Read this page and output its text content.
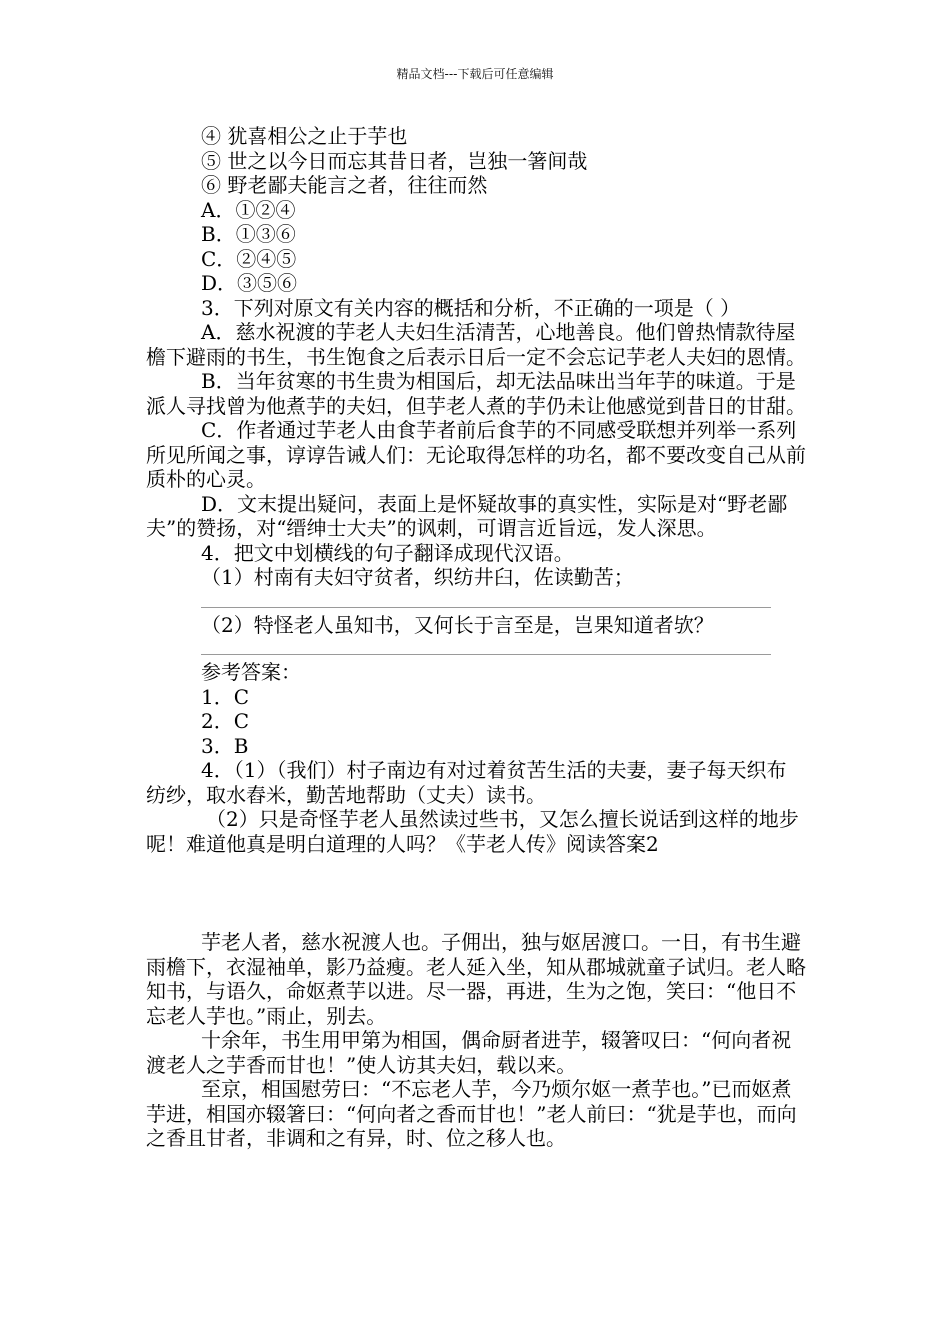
精品文档---下载后可任意编辑

④ 犹喜相公之止于芋也

⑤ 世之以今日而忘其昔日者，岂独一箸间哉

⑥ 野老鄙夫能言之者，往往而然

A．①②④

B．①③⑥

C．②④⑤

D．③⑤⑥

3．下列对原文有关内容的概括和分析，不正确的一项是（ ）

A．慈水祝渡的芋老人夫妇生活清苦，心地善良。他们曾热情款待屋檐下避雨的书生，书生饱食之后表示日后一定不会忘记芋老人夫妇的恩情。

B．当年贫寒的书生贵为相国后，却无法品味出当年芋的味道。于是派人寻找曾为他煮芋的夫妇，但芋老人煮的芋仍未让他感觉到昔日的甘甜。

C．作者通过芋老人由食芋者前后食芋的不同感受联想并列举一系列所见所闻之事，谆谆告诫人们：无论取得怎样的功名，都不要改变自己从前质朴的心灵。

D．文末提出疑问，表面上是怀疑故事的真实性，实际是对“野老鄙夫”的赞扬，对“缙绅士大夫”的讽刺，可谓言近旨远，发人深思。

4．把文中划横线的句子翻译成现代汉语。

（1）村南有夫妇守贫者，织纺井臼，佐读勤苦；

（2）特怪老人虽知书，又何长于言至是，岂果知道者欤？

参考答案：

1．C

2．C

3．B

4．（1）（我们）村子南边有对过着贫苦生活的夫妻，妻子每天织布纺纱，取水舂米，勤苦地帮助（丈夫）读书。

（2）只是奇怪芋老人虽然读过些书，又怎么擅长说话到这样的地步呢！难道他真是明白道理的人吗？《芋老人传》阅读答案2

芋老人者，慈水祝渡人也。子佣出，独与妪居渡口。一日，有书生避雨檐下，衣湿袖单，影乃益瘦。老人延入坐，知从郡城就童子试归。老人略知书，与语久，命妪煮芋以进。尽一器，再进，生为之饱，笑曰：“他日不忘老人芋也。”雨止，别去。

十余年，书生用甲第为相国，偶命厨者进芋，辍箸叹曰：“何向者祝渡老人之芋香而甘也！”使人访其夫妇，载以来。

至京，相国慰劳曰：“不忘老人芋，今乃烦尔妪一煮芋也。”已而妪煮芋进，相国亦辍箸曰：“何向者之香而甘也！”老人前曰：“犹是芋也，而向之香且甘者，非调和之有异，时、位之移人也。
